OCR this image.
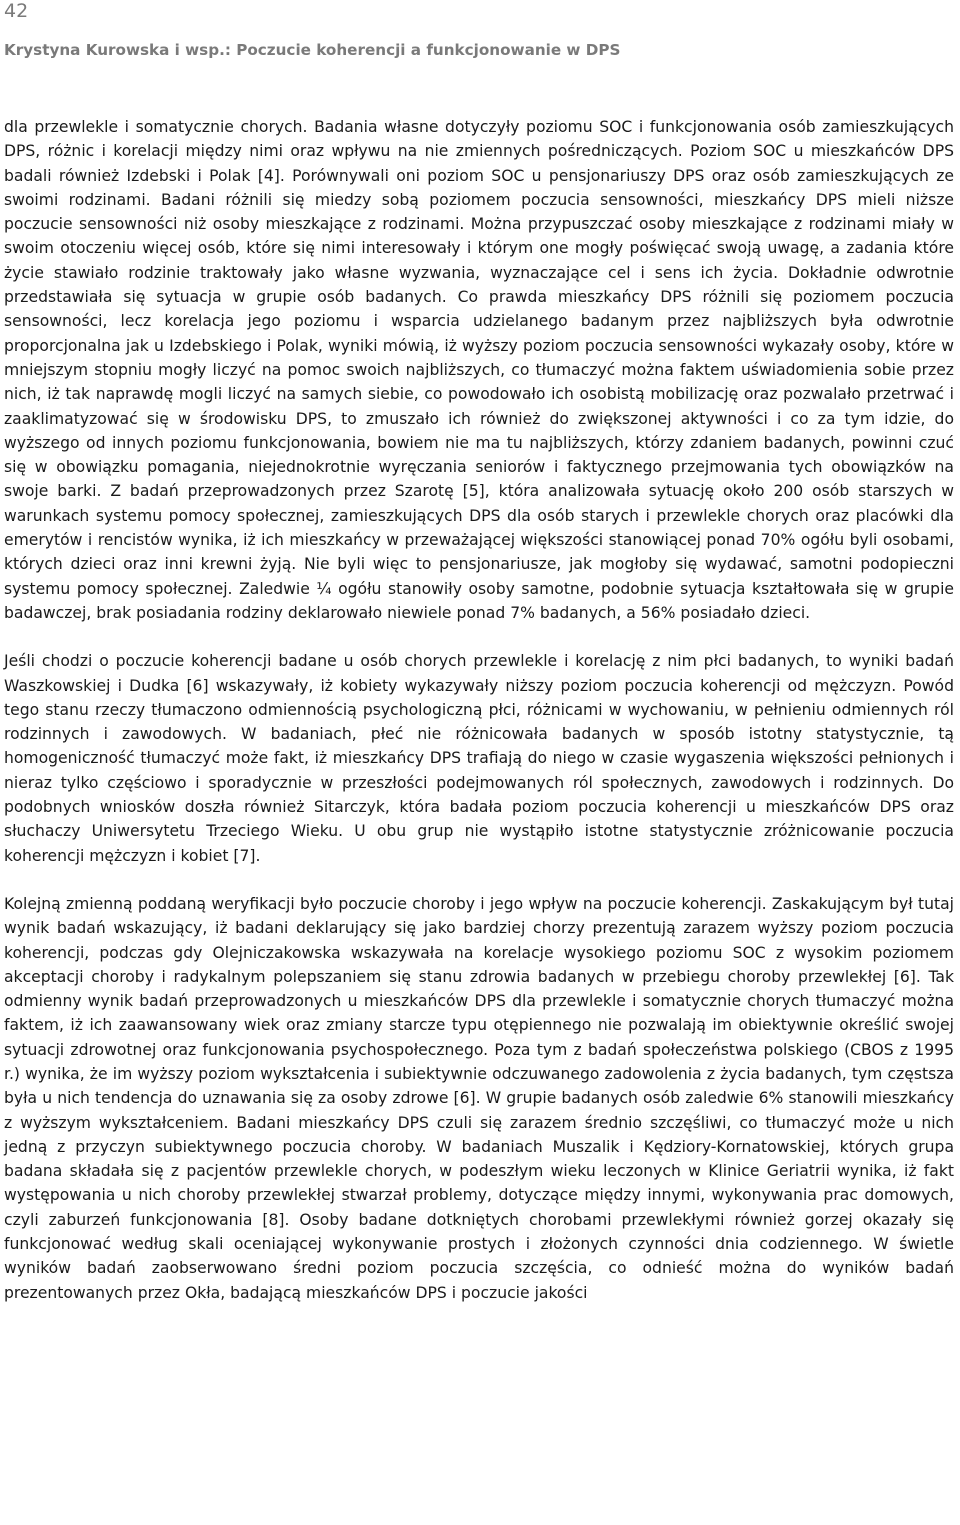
42
Krystyna Kurowska i wsp.: Poczucie koherencji a funkcjonowanie w DPS

dla przewlekle i somatycznie chorych. Badania własne dotyczyły poziomu SOC i funkcjonowania osób zamieszkujących DPS, różnic i korelacji między nimi oraz wpływu na nie zmiennych pośredniczących. Poziom SOC u mieszkańców DPS badali również Izdebski i Polak [4]. Porównywali oni poziom SOC u pensjonariuszy DPS oraz osób zamieszkujących ze swoimi rodzinami. Badani różnili się miedzy sobą poziomem poczucia sensowności, mieszkańcy DPS mieli niższe poczucie sensowności niż osoby mieszkające z rodzinami. Można przypuszczać osoby mieszkające z rodzinami miały w swoim otoczeniu więcej osób, które się nimi interesowały i którym one mogły poświęcać swoją uwagę, a zadania które życie stawiało rodzinie traktowały jako własne wyzwania, wyznaczające cel i sens ich życia. Dokładnie odwrotnie przedstawiała się sytuacja w grupie osób badanych. Co prawda mieszkańcy DPS różnili się poziomem poczucia sensowności, lecz korelacja jego poziomu i wsparcia udzielanego badanym przez najbliższych była odwrotnie proporcjonalna jak u Izdebskiego i Polak, wyniki mówią, iż wyższy poziom poczucia sensowności wykazały osoby, które w mniejszym stopniu mogły liczyć na pomoc swoich najbliższych, co tłumaczyć można faktem uświadomienia sobie przez nich, iż tak naprawdę mogli liczyć na samych siebie, co powodowało ich osobistą mobilizację oraz pozwalało przetrwać i zaaklimatyzować się w środowisku DPS, to zmuszało ich również do zwiększonej aktywności i co za tym idzie, do wyższego od innych poziomu funkcjonowania, bowiem nie ma tu najbliższych, którzy zdaniem badanych, powinni czuć się w obowiązku pomagania, niejednokrotnie wyręczania seniorów i faktycznego przejmowania tych obowiązków na swoje barki. Z badań przeprowadzonych przez Szarotę [5], która analizowała sytuację około 200 osób starszych w warunkach systemu pomocy społecznej, zamieszkujących DPS dla osób starych i przewlekle chorych oraz placówki dla emerytów i rencistów wynika, iż ich mieszkańcy w przeważającej większości stanowiącej ponad 70% ogółu byli osobami, których dzieci oraz inni krewni żyją. Nie byli więc to pensjonariusze, jak mogłoby się wydawać, samotni podopieczni systemu pomocy społecznej. Zaledwie ¼ ogółu stanowiły osoby samotne, podobnie sytuacja kształtowała się w grupie badawczej, brak posiadania rodziny deklarowało niewiele ponad 7% badanych, a 56% posiadało dzieci.

Jeśli chodzi o poczucie koherencji badane u osób chorych przewlekle i korelację z nim płci badanych, to wyniki badań Waszkowskiej i Dudka [6] wskazywały, iż kobiety wykazywały niższy poziom poczucia koherencji od mężczyzn. Powód tego stanu rzeczy tłumaczono odmiennością psychologiczną płci, różnicami w wychowaniu, w pełnieniu odmiennych ról rodzinnych i zawodowych. W badaniach, płeć nie różnicowała badanych w sposób istotny statystycznie, tą homogeniczność tłumaczyć może fakt, iż mieszkańcy DPS trafiają do niego w czasie wygaszenia większości pełnionych i nieraz tylko częściowo i sporadycznie w przeszłości podejmowanych ról społecznych, zawodowych i rodzinnych. Do podobnych wniosków doszła również Sitarczyk, która badała poziom poczucia koherencji u mieszkańców DPS oraz słuchaczy Uniwersytetu Trzeciego Wieku. U obu grup nie wystąpiło istotne statystycznie zróżnicowanie poczucia koherencji mężczyzn i kobiet [7].

Kolejną zmienną poddaną weryfikacji było poczucie choroby i jego wpływ na poczucie koherencji. Zaskakującym był tutaj wynik badań wskazujący, iż badani deklarujący się jako bardziej chorzy prezentują zarazem wyższy poziom poczucia koherencji, podczas gdy Olejniczakowska wskazywała na korelacje wysokiego poziomu SOC z wysokim poziomem akceptacji choroby i radykalnym polepszaniem się stanu zdrowia badanych w przebiegu choroby przewlekłej [6]. Tak odmienny wynik badań przeprowadzonych u mieszkańców DPS dla przewlekle i somatycznie chorych tłumaczyć można faktem, iż ich zaawansowany wiek oraz zmiany starcze typu otępiennego nie pozwalają im obiektywnie określić swojej sytuacji zdrowotnej oraz funkcjonowania psychospołecznego. Poza tym z badań społeczeństwa polskiego (CBOS z 1995 r.) wynika, że im wyższy poziom wykształcenia i subiektywnie odczuwanego zadowolenia z życia badanych, tym częstsza była u nich tendencja do uznawania się za osoby zdrowe [6]. W grupie badanych osób zaledwie 6% stanowili mieszkańcy z wyższym wykształceniem. Badani mieszkańcy DPS czuli się zarazem średnio szczęśliwi, co tłumaczyć może u nich jedną z przyczyn subiektywnego poczucia choroby. W badaniach Muszalik i Kędziory-Kornatowskiej, których grupa badana składała się z pacjentów przewlekle chorych, w podeszłym wieku leczonych w Klinice Geriatrii wynika, iż fakt występowania u nich choroby przewlekłej stwarzał problemy, dotyczące między innymi, wykonywania prac domowych, czyli zaburzeń funkcjonowania [8]. Osoby badane dotkniętych chorobami przewlekłymi również gorzej okazały się funkcjonować według skali oceniającej wykonywanie prostych i złożonych czynności dnia codziennego. W świetle wyników badań zaobserwowano średni poziom poczucia szczęścia, co odnieść można do wyników badań prezentowanych przez Okła, badającą mieszkańców DPS i poczucie jakości
